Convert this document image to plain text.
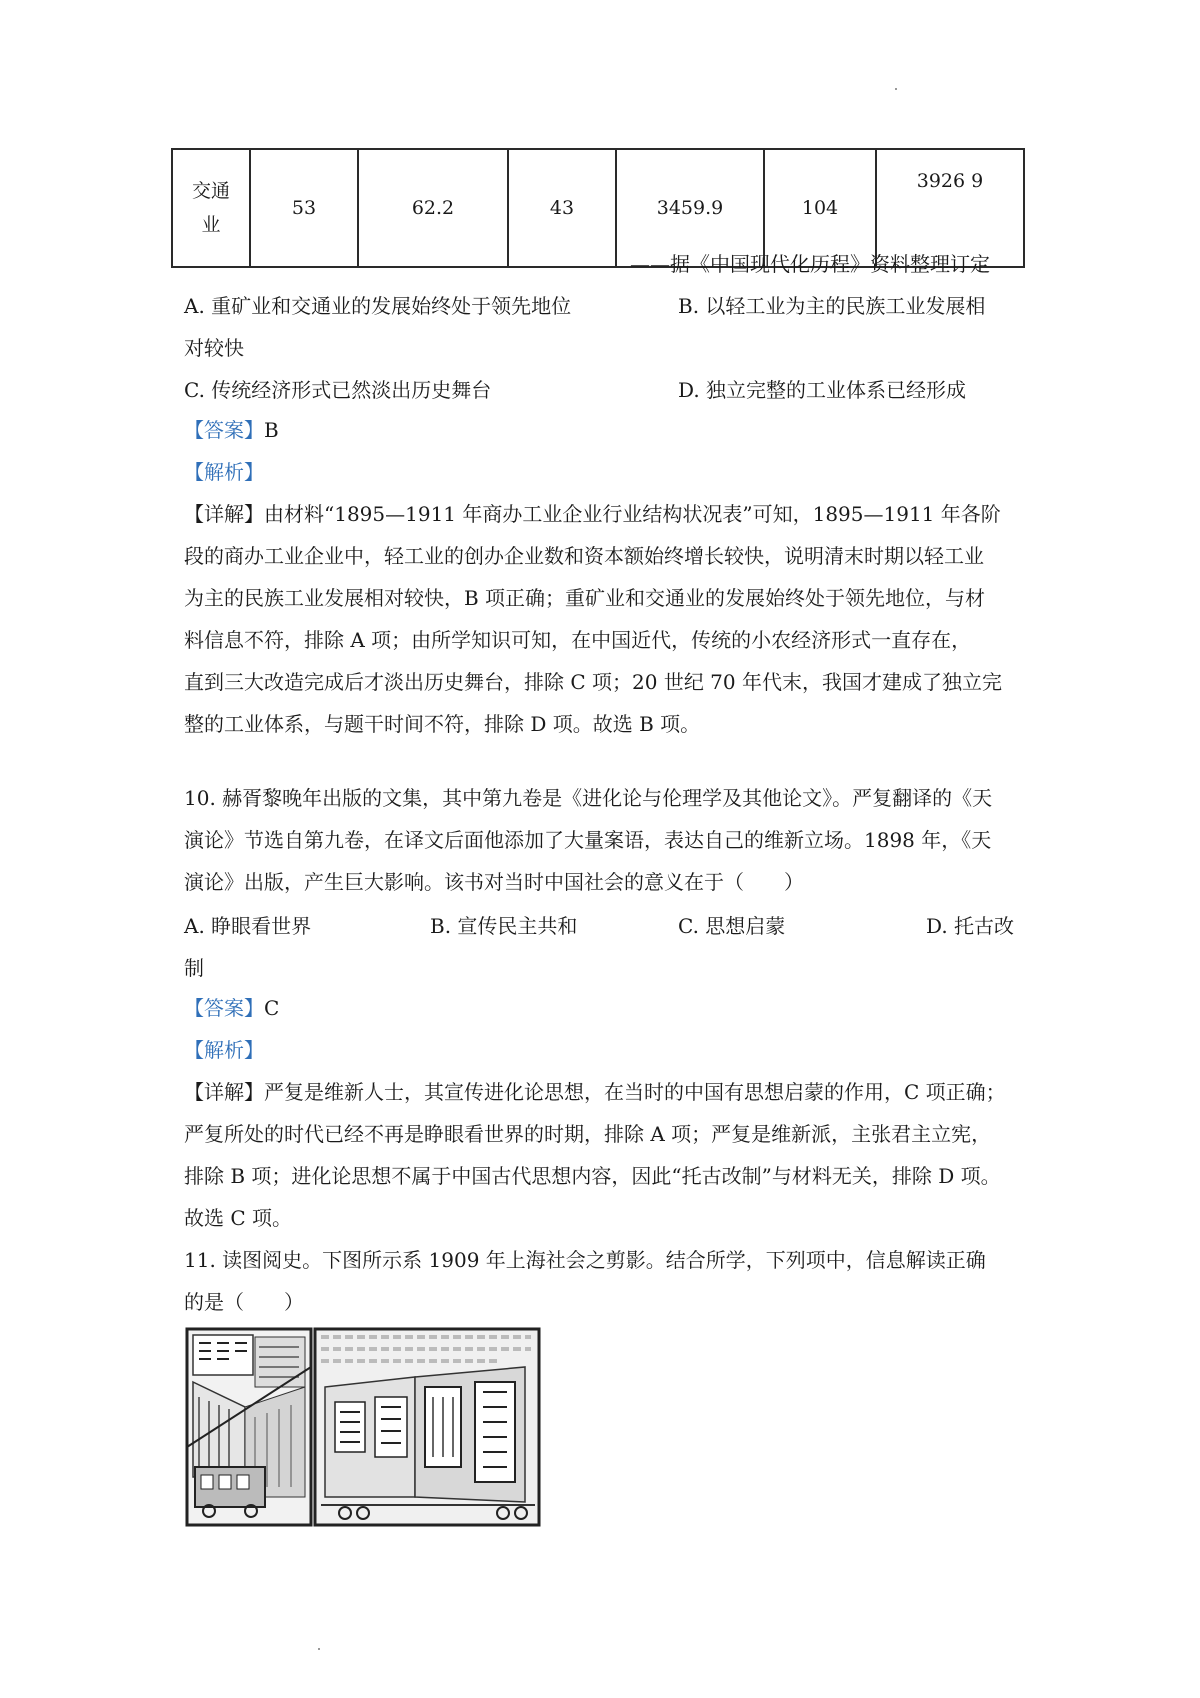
交通业	53	62.2	43	3459.9	104	3926 9
——据《中国现代化历程》资料整理订定
A. 重矿业和交通业的发展始终处于领先地位	B. 以轻工业为主的民族工业发展相
对较快
C. 传统经济形式已然淡出历史舞台	D. 独立完整的工业体系已经形成
【答案】B
【解析】
【详解】由材料“1895—1911 年商办工业企业行业结构状况表”可知，1895—1911 年各阶
段的商办工业企业中，轻工业的创办企业数和资本额始终增长较快，说明清末时期以轻工业
为主的民族工业发展相对较快，B 项正确；重矿业和交通业的发展始终处于领先地位，与材
料信息不符，排除 A 项；由所学知识可知，在中国近代，传统的小农经济形式一直存在，
直到三大改造完成后才淡出历史舞台，排除 C 项；20 世纪 70 年代末，我国才建成了独立完
整的工业体系，与题干时间不符，排除 D 项。故选 B 项。
10. 赫胥黎晚年出版的文集，其中第九卷是《进化论与伦理学及其他论文》。严复翻译的《天
演论》节选自第九卷，在译文后面他添加了大量案语，表达自己的维新立场。1898 年，《天
演论》出版，产生巨大影响。该书对当时中国社会的意义在于（　　）
A. 睁眼看世界	B. 宣传民主共和	C. 思想启蒙	D. 托古改
制
【答案】C
【解析】
【详解】严复是维新人士，其宣传进化论思想，在当时的中国有思想启蒙的作用，C 项正确；
严复所处的时代已经不再是睁眼看世界的时期，排除 A 项；严复是维新派，主张君主立宪，
排除 B 项；进化论思想不属于中国古代思想内容，因此“托古改制”与材料无关，排除 D 项。
故选 C 项。
11. 读图阅史。下图所示系 1909 年上海社会之剪影。结合所学，下列项中，信息解读正确
的是（　　）
